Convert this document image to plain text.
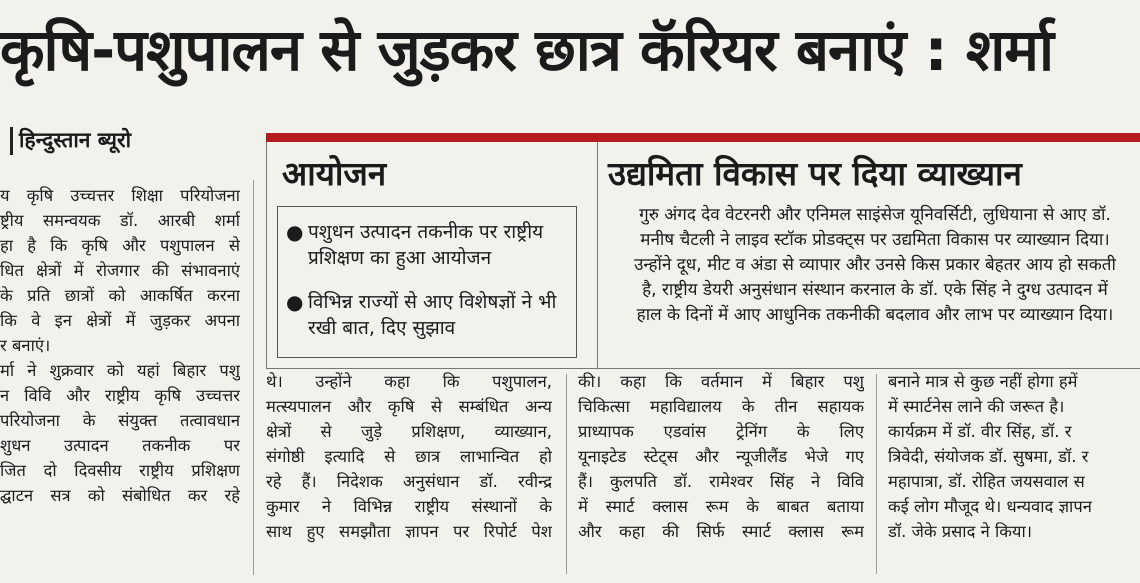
कृषि-पशुपालन से जुड़कर छात्र कॅरियर बनाएं : शर्मा
हिन्दुस्तान ब्यूरो
आयोजन
● पशुधन उत्पादन तकनीक पर राष्ट्रीय प्रशिक्षण का हुआ आयोजन
● विभिन्न राज्यों से आए विशेषज्ञों ने भी रखी बात, दिए सुझाव
उद्यमिता विकास पर दिया व्याख्यान
गुरु अंगद देव वेटरनरी और एनिमल साइंसेज यूनिवर्सिटी, लुधियाना से आए डॉ.
मनीष चैटली ने लाइव स्टॉक प्रोडक्ट्स पर उद्यमिता विकास पर व्याख्यान दिया।
उन्होंने दूध, मीट व अंडा से व्यापार और उनसे किस प्रकार बेहतर आय हो सकती
है, राष्ट्रीय डेयरी अनुसंधान संस्थान करनाल के डॉ. एके सिंह ने दुग्ध उत्पादन में
हाल के दिनों में आए आधुनिक तकनीकी बदलाव और लाभ पर व्याख्यान दिया।
य कृषि उच्चत्तर शिक्षा परियोजना
ष्ट्रीय समन्वयक डॉ. आरबी शर्मा
हा है कि कृषि और पशुपालन से
धित क्षेत्रों में रोजगार की संभावनाएं
के प्रति छात्रों को आकर्षित करना
कि वे इन क्षेत्रों में जुड़कर अपना
र बनाएं।
र्मा ने शुक्रवार को यहां बिहार पशु
न विवि और राष्ट्रीय कृषि उच्चत्तर
परियोजना के संयुक्त तत्वावधान
शुधन उत्पादन तकनीक पर
जित दो दिवसीय राष्ट्रीय प्रशिक्षण
द्घाटन सत्र को संबोधित कर रहे
थे। उन्होंने कहा कि पशुपालन,
मत्स्यपालन और कृषि से सम्बंधित अन्य
क्षेत्रों से जुड़े प्रशिक्षण, व्याख्यान,
संगोष्ठी इत्यादि से छात्र लाभान्वित हो
रहे हैं। निदेशक अनुसंधान डॉ. रवीन्द्र
कुमार ने विभिन्न राष्ट्रीय संस्थानों के
साथ हुए समझौता ज्ञापन पर रिपोर्ट पेश
की। कहा कि वर्तमान में बिहार पशु
चिकित्सा महाविद्यालय के तीन सहायक
प्राध्यापक एडवांस ट्रेनिंग के लिए
यूनाइटेड स्टेट्स और न्यूजीलैंड भेजे गए
हैं। कुलपति डॉ. रामेश्वर सिंह ने विवि
में स्मार्ट क्लास रूम के बाबत बताया
और कहा की सिर्फ स्मार्ट क्लास रूम
बनाने मात्र से कुछ नहीं होगा हमें
में स्मार्टनेस लाने की जरूत है।
कार्यक्रम में डॉ. वीर सिंह, डॉ. र
त्रिवेदी, संयोजक डॉ. सुषमा, डॉ. र
महापात्रा, डॉ. रोहित जयसवाल स
कई लोग मौजूद थे। धन्यवाद ज्ञापन
डॉ. जेके प्रसाद ने किया।
